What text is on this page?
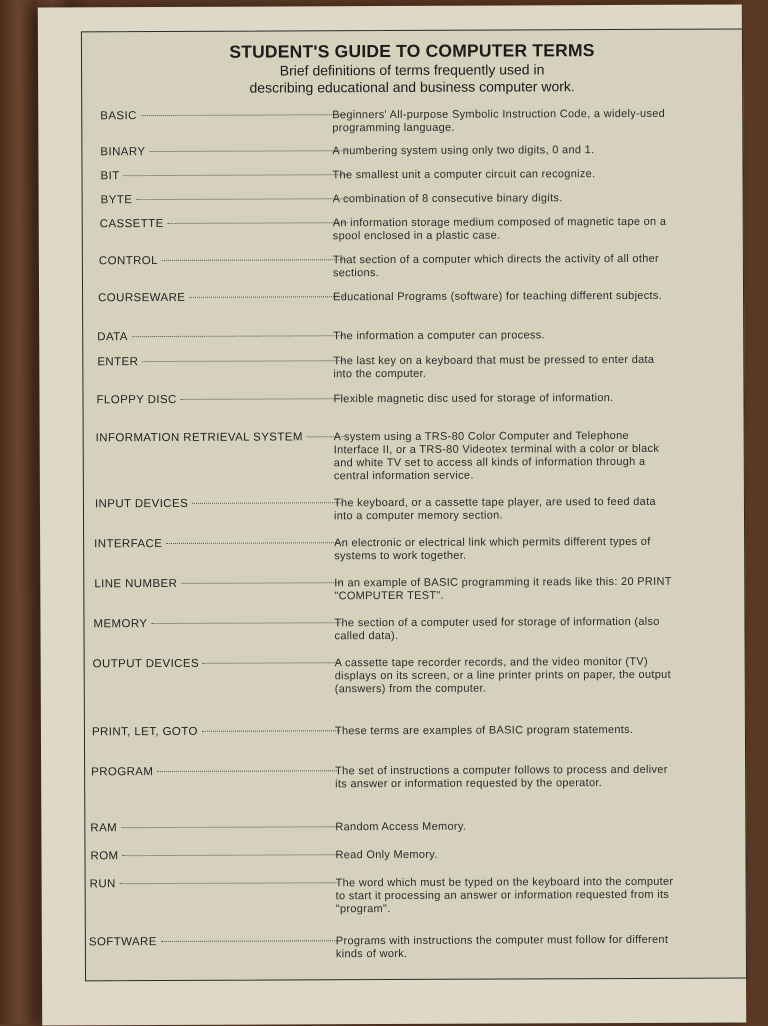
STUDENT'S GUIDE TO COMPUTER TERMS
Brief definitions of terms frequently used in
describing educational and business computer work.
BASIC	Beginners' All-purpose Symbolic Instruction Code, a widely-used programming language.
BINARY	A numbering system using only two digits, 0 and 1.
BIT	The smallest unit a computer circuit can recognize.
BYTE	A combination of 8 consecutive binary digits.
CASSETTE	An information storage medium composed of magnetic tape on a spool enclosed in a plastic case.
CONTROL	That section of a computer which directs the activity of all other sections.
COURSEWARE	Educational Programs (software) for teaching different subjects.
DATA	The information a computer can process.
ENTER	The last key on a keyboard that must be pressed to enter data into the computer.
FLOPPY DISC	Flexible magnetic disc used for storage of information.
INFORMATION RETRIEVAL SYSTEM	A system using a TRS-80 Color Computer and Telephone Interface II, or a TRS-80 Videotex terminal with a color or black and white TV set to access all kinds of information through a central information service.
INPUT DEVICES	The keyboard, or a cassette tape player, are used to feed data into a computer memory section.
INTERFACE	An electronic or electrical link which permits different types of systems to work together.
LINE NUMBER	In an example of BASIC programming it reads like this: 20 PRINT "COMPUTER TEST".
MEMORY	The section of a computer used for storage of information (also called data).
OUTPUT DEVICES	A cassette tape recorder records, and the video monitor (TV) displays on its screen, or a line printer prints on paper, the output (answers) from the computer.
PRINT, LET, GOTO	These terms are examples of BASIC program statements.
PROGRAM	The set of instructions a computer follows to process and deliver its answer or information requested by the operator.
RAM	Random Access Memory.
ROM	Read Only Memory.
RUN	The word which must be typed on the keyboard into the computer to start it processing an answer or information requested from its "program".
SOFTWARE	Programs with instructions the computer must follow for different kinds of work.
